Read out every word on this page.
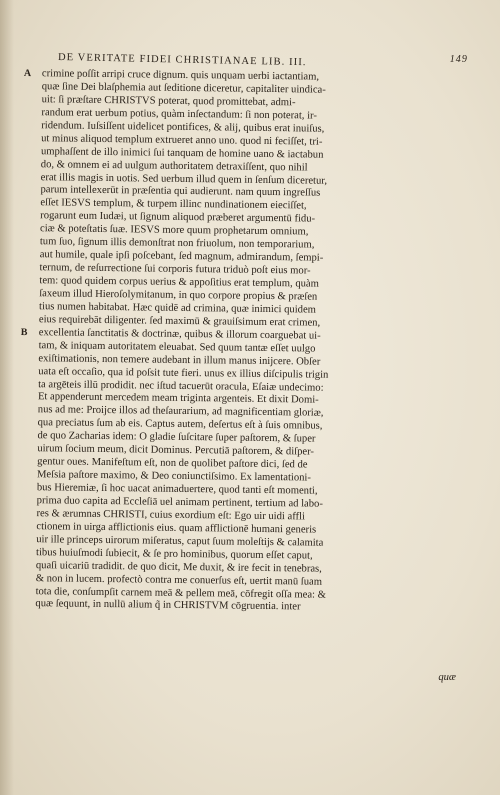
DE VERITATE FIDEI CHRISTIANAE LIB. III.	149
A	crimine poſſit arripi cruce dignum. quis unquam uerbi iactantiam,
quæ ſine Dei blaſphemia aut ſeditione diceretur, capitaliter uindica-
uit: ſi præſtare CHRISTVS poterat, quod promittebat, admi-
randum erat uerbum potius, quàm inſectandum: ſi non poterat, ir-
ridendum. Iuſsiſſent uidelicet pontifices, & alij, quibus erat inuiſus,
ut minus aliquod templum extrueret anno uno. quod ni feciſſet, tri-
umphaſſent de illo inimici ſui tanquam de homine uano & iactabun
do, & omnem ei ad uulgum authoritatem detraxiſſent, quo nihil
erat illis magis in uotis. Sed uerbum illud quem in ſenſum diceretur,
parum intellexerūt in præſentia qui audierunt. nam quum ingreſſus
eſſet IESVS templum, & turpem illinc nundinationem eieciſſet,
rogarunt eum Iudæi, ut ſignum aliquod præberet argumentū fidu-
ciæ & poteſtatis ſuæ. IESVS more quum prophetarum omnium,
tum ſuo, ſignum illis demonſtrat non friuolum, non temporarium,
aut humile, quale ipſi poſcebant, ſed magnum, admirandum, ſempi-
ternum, de reſurrectione ſui corporis futura triduò poſt eius mor-
tem: quod quidem corpus uerius & appoſitius erat templum, quàm
ſaxeum illud Hieroſolymitanum, in quo corpore propius & præſen
tius numen habitabat. Hæc quidē ad crimina, quæ inimici quidem
eius requirebāt diligenter. ſed maximū & grauiſsimum erat crimen,
B	excellentia ſanctitatis & doctrinæ, quibus & illorum coarguebat ui-
tam, & iniquam autoritatem eleuabat. Sed quum tantæ eſſet uulgo
exiſtimationis, non temere audebant in illum manus inijcere. Obſer
uata eſt occaſio, qua id poſsit tute fieri. unus ex illius diſcipulis trigin
ta argēteis illū prodidit. nec iſtud tacuerūt oracula, Eſaiæ undecimo:
Et appenderunt mercedem meam triginta argenteis. Et dixit Domi-
nus ad me: Proijce illos ad theſaurarium, ad magnificentiam gloriæ,
qua preciatus ſum ab eis. Captus autem, deſertus eſt à ſuis omnibus,
de quo Zacharias idem: O gladie ſuſcitare ſuper paſtorem, & ſuper
uirum ſocium meum, dicit Dominus. Percutiā paſtorem, & diſper-
gentur oues. Manifeſtum eſt, non de quolibet paſtore dici, ſed de
Meſsia paſtore maximo, & Deo coniunctiſsimo. Ex lamentationi-
bus Hieremiæ, ſi hoc uacat animaduertere, quod tanti eſt momenti,
prima duo capita ad Eccleſiā uel animam pertinent, tertium ad labo-
res & ærumnas CHRISTI, cuius exordium eſt: Ego uir uidi affli
ctionem in uirga afflictionis eius. quam afflictionē humani generis
uir ille princeps uirorum miſeratus, caput ſuum moleſtijs & calamita
tibus huiuſmodi ſubiecit, & ſe pro hominibus, quorum eſſet caput,
quaſi uicariū tradidit. de quo dicit, Me duxit, & ire fecit in tenebras,
& non in lucem. profectò contra me conuerſus eſt, uertit manū ſuam
tota die, conſumpſit carnem meā & pellem meā, cōfregit oſſa mea: &
quæ ſequunt, in nullū alium q̃ in CHRISTVM cōgruentia. inter
quæ
